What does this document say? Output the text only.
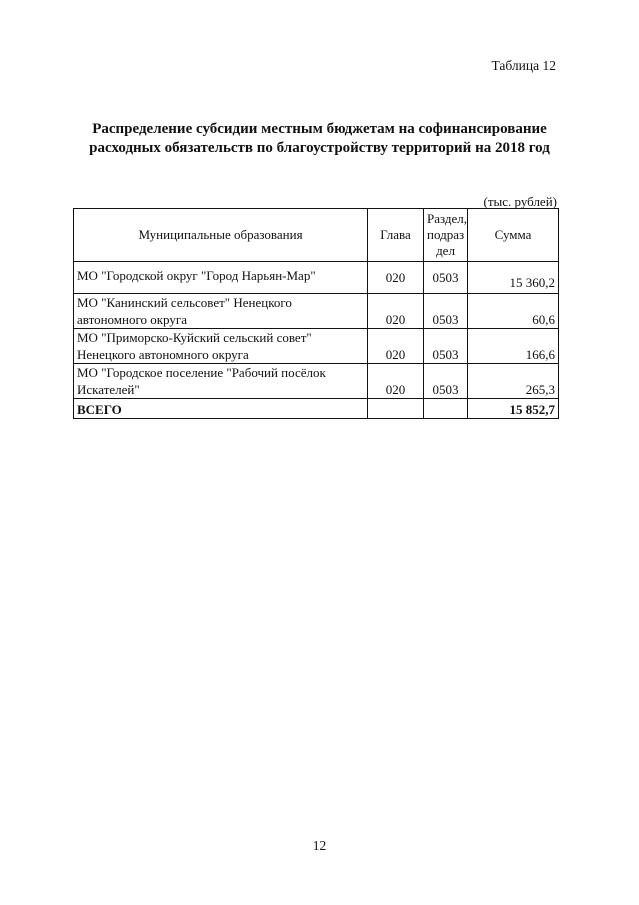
Таблица 12
Распределение субсидии местным бюджетам на софинансирование
расходных обязательств по благоустройству территорий на 2018 год
(тыс. рублей)
Муниципальные образования	Глава	Раздел, подраз дел	Сумма
МО "Городской округ "Город Нарьян-Мар"	020	0503	15 360,2
МО "Канинский сельсовет" Ненецкого автономного округа	020	0503	60,6
МО "Приморско-Куйский сельский совет" Ненецкого автономного округа	020	0503	166,6
МО "Городское поселение "Рабочий посёлок Искателей"	020	0503	265,3
ВСЕГО			15 852,7
12
